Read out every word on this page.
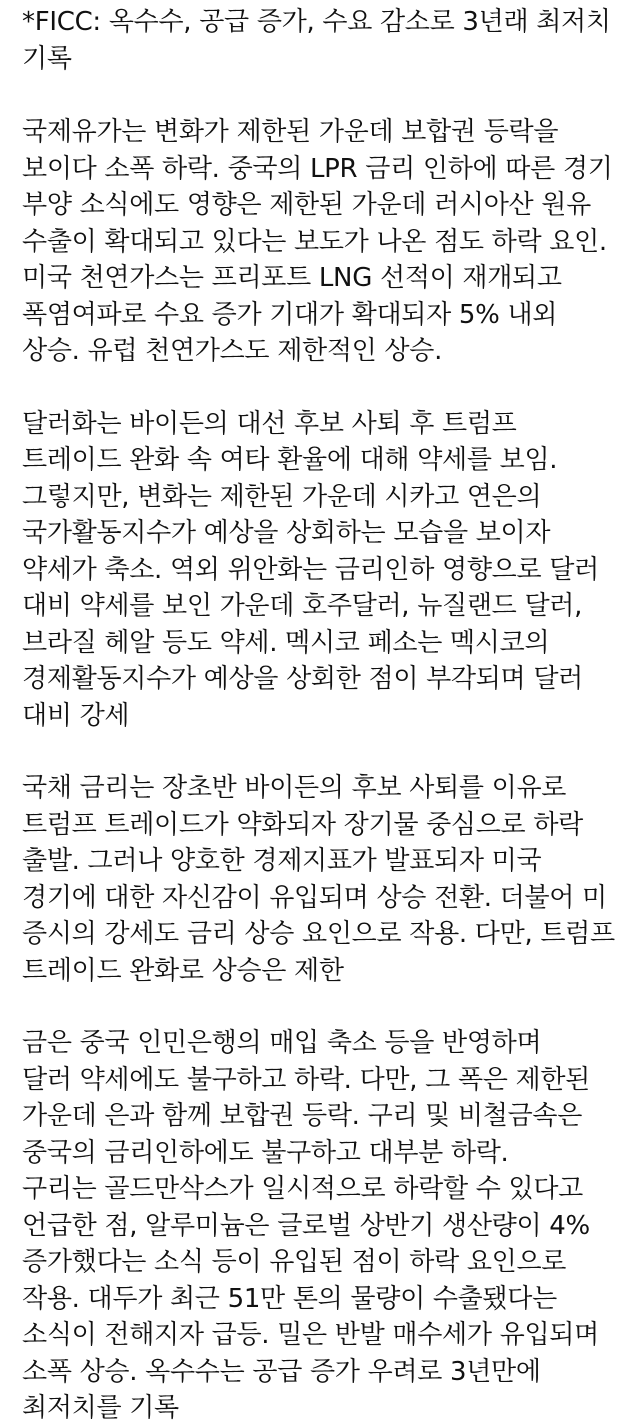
*FICC: 옥수수, 공급 증가, 수요 감소로 3년래 최저치
기록
국제유가는 변화가 제한된 가운데 보합권 등락을
보이다 소폭 하락. 중국의 LPR 금리 인하에 따른 경기
부양 소식에도 영향은 제한된 가운데 러시아산 원유
수출이 확대되고 있다는 보도가 나온 점도 하락 요인.
미국 천연가스는 프리포트 LNG 선적이 재개되고
폭염여파로 수요 증가 기대가 확대되자 5% 내외
상승. 유럽 천연가스도 제한적인 상승.
달러화는 바이든의 대선 후보 사퇴 후 트럼프
트레이드 완화 속 여타 환율에 대해 약세를 보임.
그렇지만, 변화는 제한된 가운데 시카고 연은의
국가활동지수가 예상을 상회하는 모습을 보이자
약세가 축소. 역외 위안화는 금리인하 영향으로 달러
대비 약세를 보인 가운데 호주달러, 뉴질랜드 달러,
브라질 헤알 등도 약세. 멕시코 페소는 멕시코의
경제활동지수가 예상을 상회한 점이 부각되며 달러
대비 강세
국채 금리는 장초반 바이든의 후보 사퇴를 이유로
트럼프 트레이드가 약화되자 장기물 중심으로 하락
출발. 그러나 양호한 경제지표가 발표되자 미국
경기에 대한 자신감이 유입되며 상승 전환. 더불어 미
증시의 강세도 금리 상승 요인으로 작용. 다만, 트럼프
트레이드 완화로 상승은 제한
금은 중국 인민은행의 매입 축소 등을 반영하며
달러 약세에도 불구하고 하락. 다만, 그 폭은 제한된
가운데 은과 함께 보합권 등락. 구리 및 비철금속은
중국의 금리인하에도 불구하고 대부분 하락.
구리는 골드만삭스가 일시적으로 하락할 수 있다고
언급한 점, 알루미늄은 글로벌 상반기 생산량이 4%
증가했다는 소식 등이 유입된 점이 하락 요인으로
작용. 대두가 최근 51만 톤의 물량이 수출됐다는
소식이 전해지자 급등. 밀은 반발 매수세가 유입되며
소폭 상승. 옥수수는 공급 증가 우려로 3년만에
최저치를 기록
